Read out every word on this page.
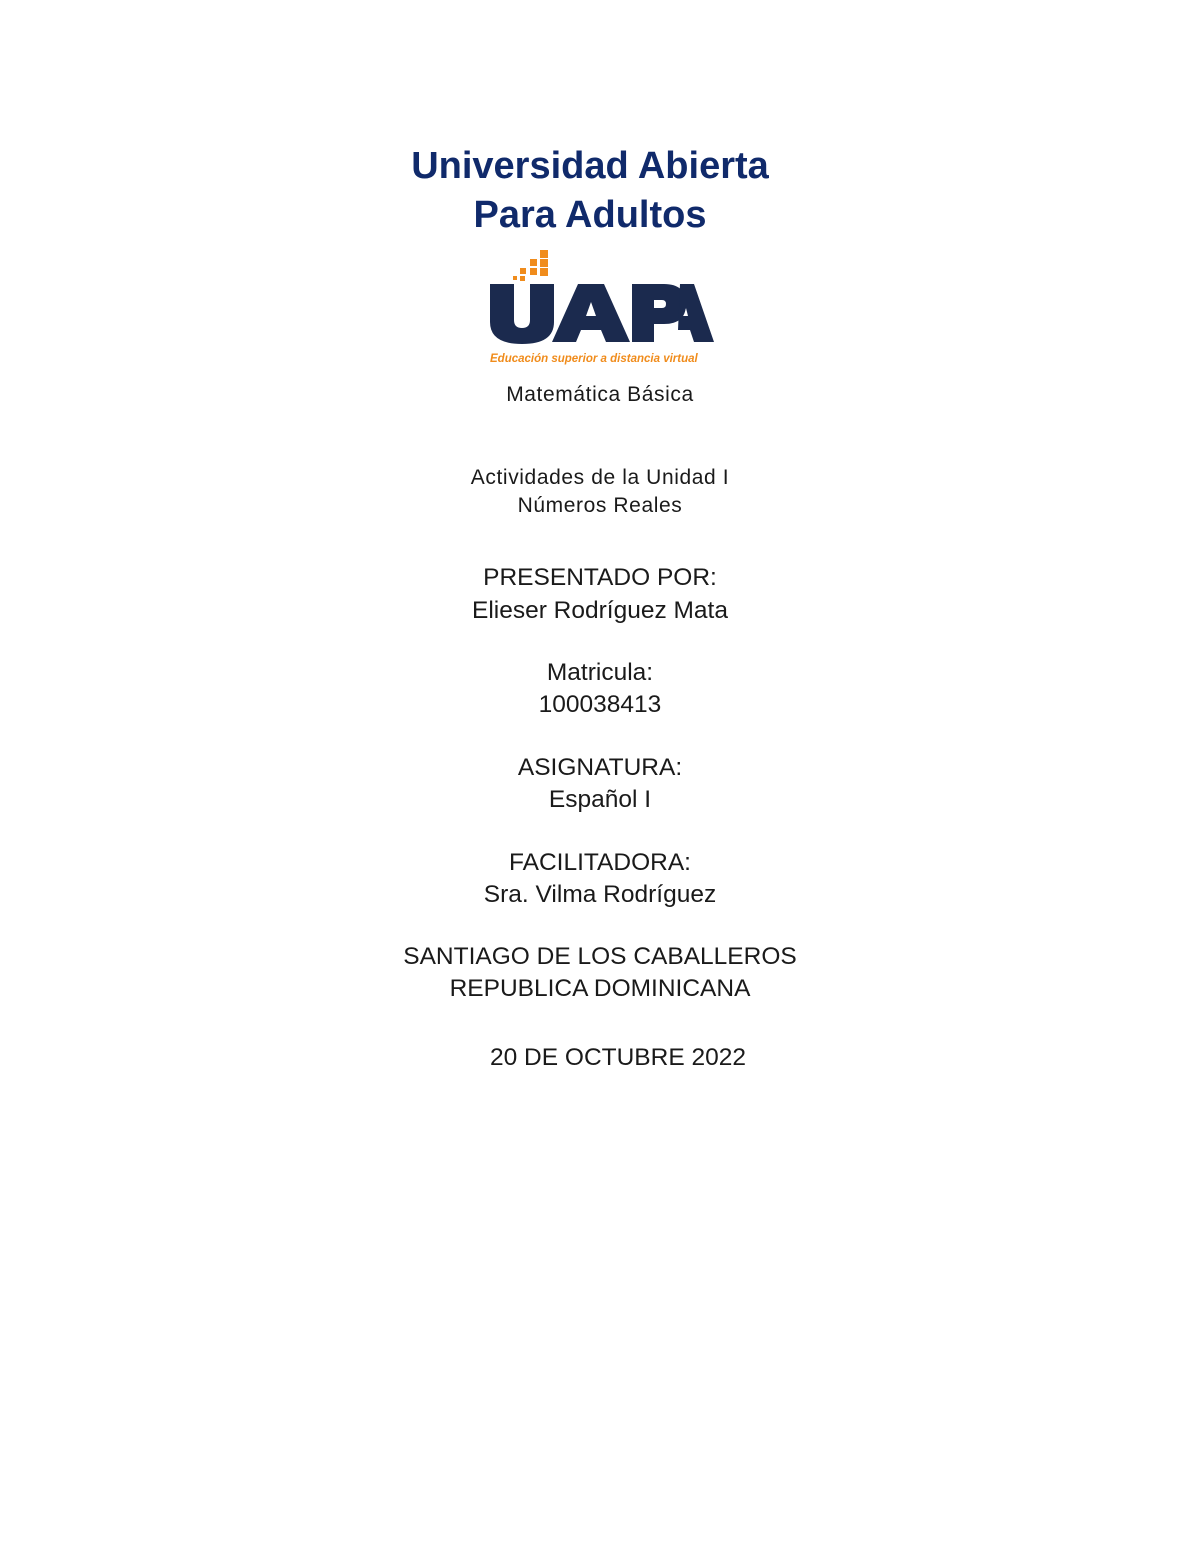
Universidad Abierta
Para Adultos
Educación superior a distancia virtual
Matemática Básica
Actividades de la Unidad I
Números Reales
PRESENTADO POR:
Elieser Rodríguez Mata
Matricula:
100038413
ASIGNATURA:
Español I
FACILITADORA:
Sra. Vilma Rodríguez
SANTIAGO DE LOS CABALLEROS
REPUBLICA DOMINICANA
20 DE OCTUBRE 2022
